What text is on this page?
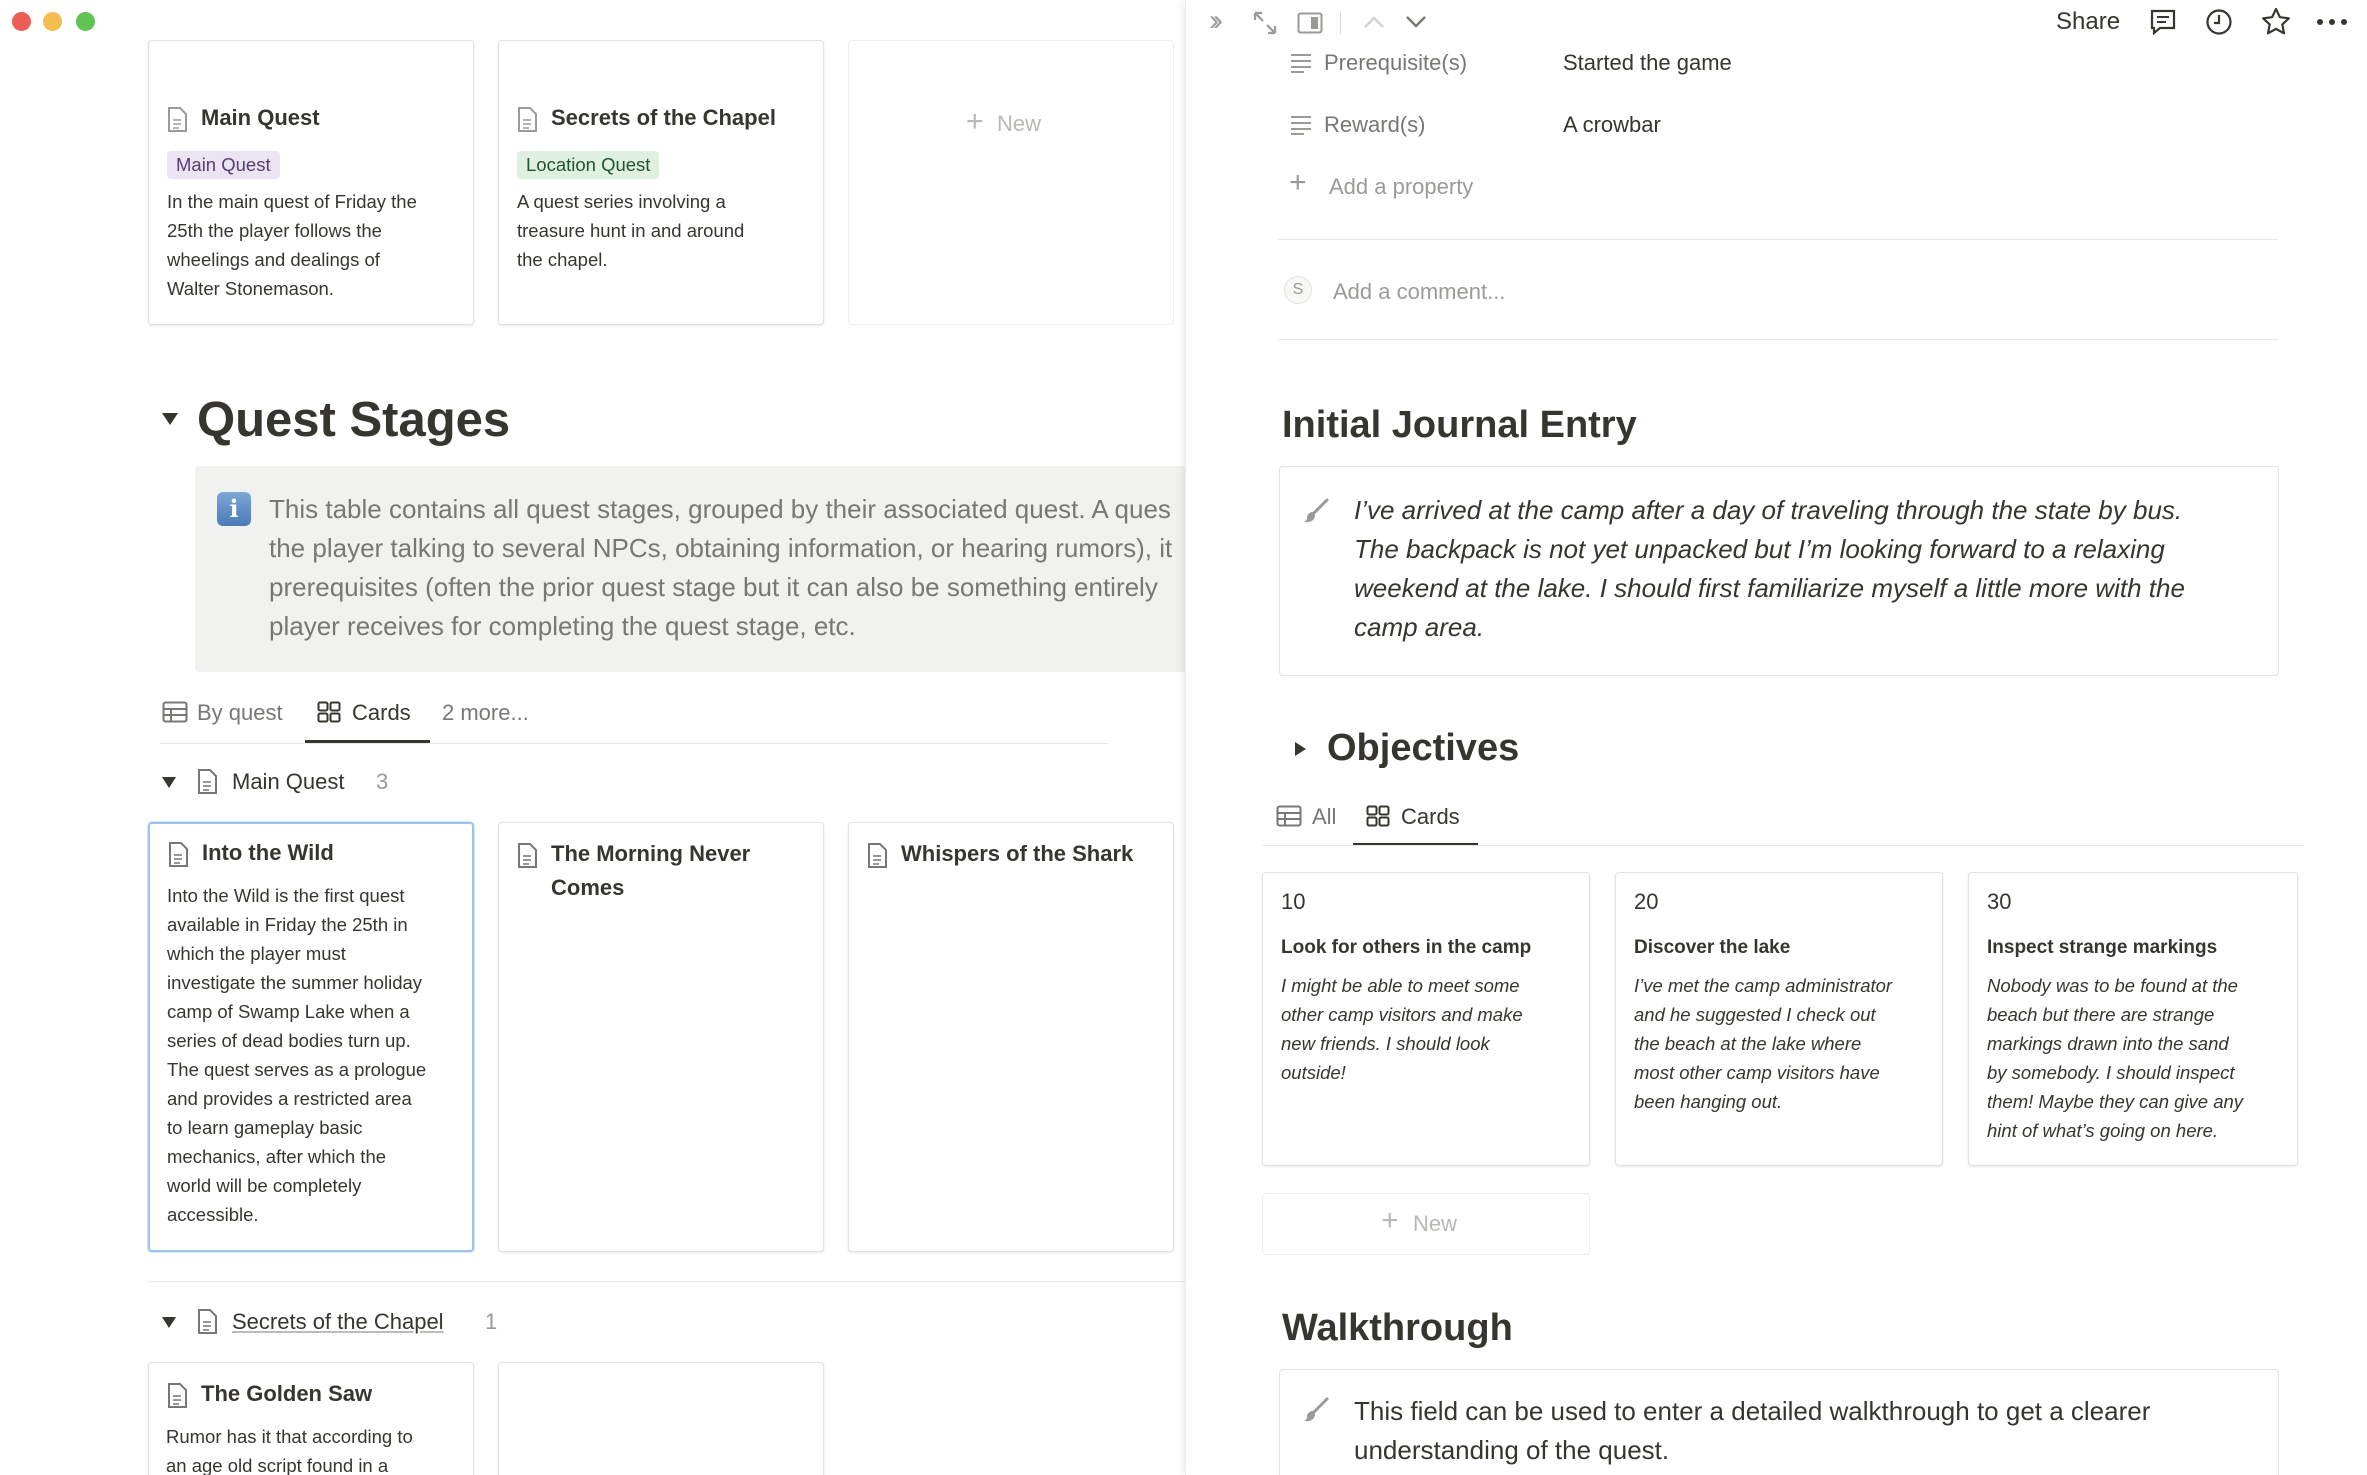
Main Quest
Main Quest
In the main quest of Friday the
25th the player follows the
wheelings and dealings of
Walter Stonemason.
Secrets of the Chapel
Location Quest
A quest series involving a
treasure hunt in and around
the chapel.
+ New
Quest Stages
i	This table contains all quest stages, grouped by their associated quest. A ques
the player talking to several NPCs, obtaining information, or hearing rumors), it
prerequisites (often the prior quest stage but it can also be something entirely
player receives for completing the quest stage, etc.
By quest	Cards 2 more...
Main Quest 3
Into the Wild
Into the Wild is the first quest
available in Friday the 25th in
which the player must
investigate the summer holiday
camp of Swamp Lake when a
series of dead bodies turn up.
The quest serves as a prologue
and provides a restricted area
to learn gameplay basic
mechanics, after which the
world will be completely
accessible.
The Morning Never
Comes
Whispers of the Shark
Secrets of the Chapel 1
The Golden Saw
Rumor has it that according to
an age old script found in a
››	Share
Prerequisite(s)	Started the game
Reward(s)	A crowbar
+ Add a property
S	Add a comment...
Initial Journal Entry
I’ve arrived at the camp after a day of traveling through the state by bus.
The backpack is not yet unpacked but I’m looking forward to a relaxing
weekend at the lake. I should first familiarize myself a little more with the
camp area.
Objectives
All	Cards
10
Look for others in the camp
I might be able to meet some
other camp visitors and make
new friends. I should look
outside!
20
Discover the lake
I’ve met the camp administrator
and he suggested I check out
the beach at the lake where
most other camp visitors have
been hanging out.
30
Inspect strange markings
Nobody was to be found at the
beach but there are strange
markings drawn into the sand
by somebody. I should inspect
them! Maybe they can give any
hint of what’s going on here.
+ New
Walkthrough
This field can be used to enter a detailed walkthrough to get a clearer
understanding of the quest.
